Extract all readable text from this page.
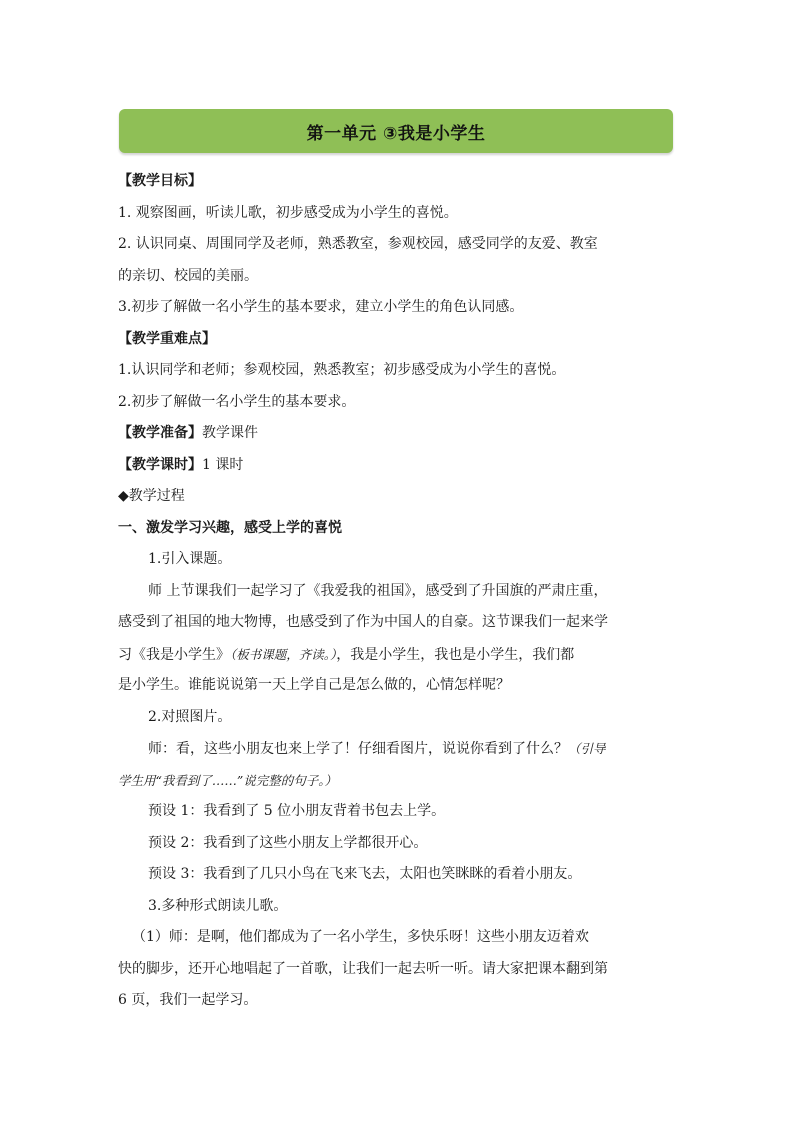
第一单元 ③我是小学生
【教学目标】
1. 观察图画，听读儿歌，初步感受成为小学生的喜悦。
2. 认识同桌、周围同学及老师，熟悉教室，参观校园，感受同学的友爱、教室
的亲切、校园的美丽。
3.初步了解做一名小学生的基本要求，建立小学生的角色认同感。
【教学重难点】
1.认识同学和老师；参观校园，熟悉教室；初步感受成为小学生的喜悦。
2.初步了解做一名小学生的基本要求。
【教学准备】教学课件
【教学课时】1 课时
◆教学过程
一、激发学习兴趣，感受上学的喜悦
1.引入课题。
师 上节课我们一起学习了《我爱我的祖国》，感受到了升国旗的严肃庄重，
感受到了祖国的地大物博，也感受到了作为中国人的自豪。这节课我们一起来学
习《我是小学生》（板书课题，齐读。），我是小学生，我也是小学生，我们都
是小学生。谁能说说第一天上学自己是怎么做的，心情怎样呢？
2.对照图片。
师：看，这些小朋友也来上学了！仔细看图片，说说你看到了什么？（引导
学生用“我看到了……”说完整的句子。）
预设 1：我看到了 5 位小朋友背着书包去上学。
预设 2：我看到了这些小朋友上学都很开心。
预设 3：我看到了几只小鸟在飞来飞去，太阳也笑眯眯的看着小朋友。
3.多种形式朗读儿歌。
（1）师：是啊，他们都成为了一名小学生，多快乐呀！这些小朋友迈着欢
快的脚步，还开心地唱起了一首歌，让我们一起去听一听。请大家把课本翻到第
6 页，我们一起学习。
